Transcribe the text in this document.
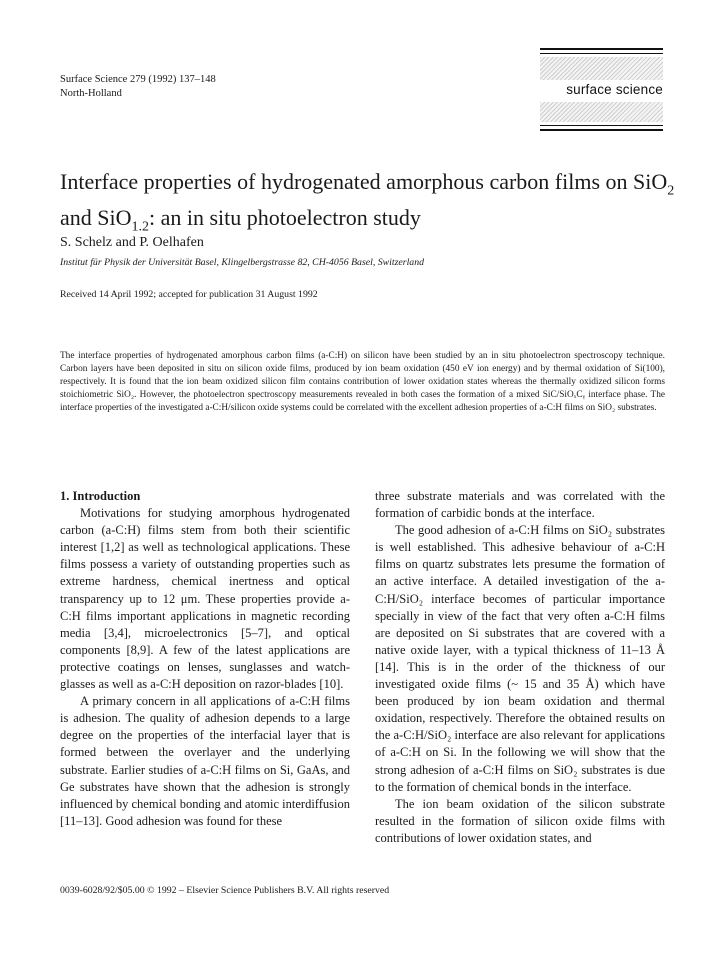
Surface Science 279 (1992) 137–148
North-Holland	surface science
Interface properties of hydrogenated amorphous carbon films on SiO$_2$
and SiO$_{1.2}$: an in situ photoelectron study
S. Schelz and P. Oelhafen
Institut für Physik der Universität Basel, Klingelbergstrasse 82, CH-4056 Basel, Switzerland
Received 14 April 1992; accepted for publication 31 August 1992
The interface properties of hydrogenated amorphous carbon films (a-C:H) on silicon have been studied by an in situ photoelectron spectroscopy technique. Carbon layers have been deposited in situ on silicon oxide films, produced by ion beam oxidation (450 eV ion energy) and by thermal oxidation of Si(100), respectively. It is found that the ion beam oxidized silicon film contains contribution of lower oxidation states whereas the thermally oxidized silicon forms stoichiometric SiO₂. However, the photoelectron spectroscopy measurements revealed in both cases the formation of a mixed SiC/SiOₓCᵧ interface phase. The interface properties of the investigated a-C:H/silicon oxide systems could be correlated with the excellent adhesion properties of a-C:H films on SiO₂ substrates.

1. Introduction

Motivations for studying amorphous hydrogenated carbon (a-C:H) films stem from both their scientific interest [1,2] as well as technological applications. These films possess a variety of outstanding properties such as extreme hardness, chemical inertness and optical transparency up to 12 μm. These properties provide a-C:H films important applications in magnetic recording media [3,4], microelectronics [5–7], and optical components [8,9]. A few of the latest applications are protective coatings on lenses, sunglasses and watch-glasses as well as a-C:H deposition on razor-blades [10].

A primary concern in all applications of a-C:H films is adhesion. The quality of adhesion depends to a large degree on the properties of the interfacial layer that is formed between the overlayer and the underlying substrate. Earlier studies of a-C:H films on Si, GaAs, and Ge substrates have shown that the adhesion is strongly influenced by chemical bonding and atomic interdiffusion [11–13]. Good adhesion was found for these

three substrate materials and was correlated with the formation of carbidic bonds at the interface.

The good adhesion of a-C:H films on SiO₂ substrates is well established. This adhesive behaviour of a-C:H films on quartz substrates lets presume the formation of an active interface. A detailed investigation of the a-C:H/SiO₂ interface becomes of particular importance specially in view of the fact that very often a-C:H films are deposited on Si substrates that are covered with a native oxide layer, with a typical thickness of 11–13 Å [14]. This is in the order of the thickness of our investigated oxide films (~ 15 and 35 Å) which have been produced by ion beam oxidation and thermal oxidation, respectively. Therefore the obtained results on the a-C:H/SiO₂ interface are also relevant for applications of a-C:H on Si. In the following we will show that the strong adhesion of a-C:H films on SiO₂ substrates is due to the formation of chemical bonds in the interface.

The ion beam oxidation of the silicon substrate resulted in the formation of silicon oxide films with contributions of lower oxidation states, and

0039-6028/92/$05.00 © 1992 – Elsevier Science Publishers B.V. All rights reserved
